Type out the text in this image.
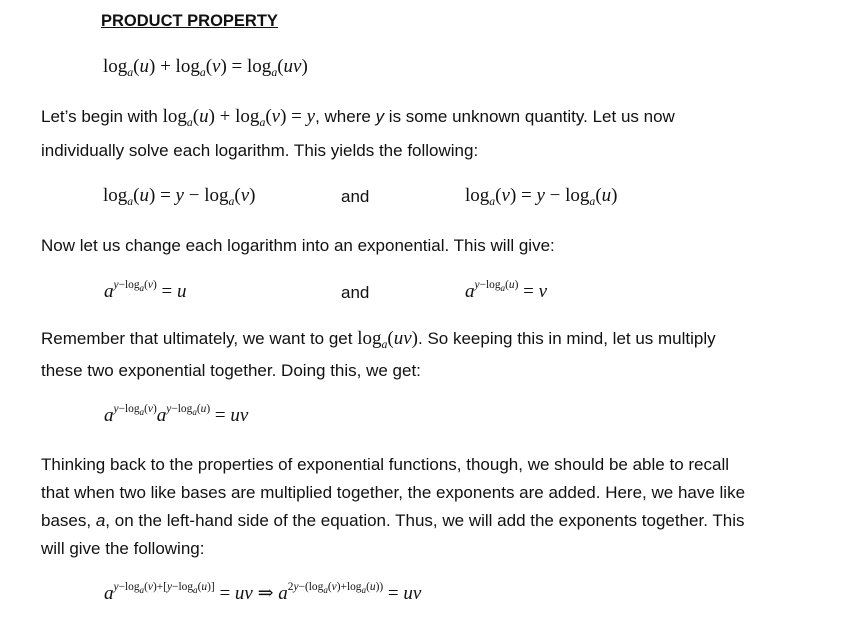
PRODUCT PROPERTY
$\log_a(u) + \log_a(v) = \log_a(uv)$
Let’s begin with $\log_a(u) + \log_a(v) = y$, where y is some unknown quantity. Let us now
individually solve each logarithm. This yields the following:
$\log_a(u) = y - \log_a(v)$	and	$\log_a(v) = y - \log_a(u)$
Now let us change each logarithm into an exponential. This will give:
$a^{y-log_a(v)} = u$	and	$a^{y-log_a(u)} = v$
Remember that ultimately, we want to get $\log_a(uv)$. So keeping this in mind, let us multiply
these two exponential together. Doing this, we get:
$a^{y-log_a(v)}a^{y-log_a(u)}$ = uv
Thinking back to the properties of exponential functions, though, we should be able to recall
that when two like bases are multiplied together, the exponents are added. Here, we have like
bases, a, on the left-hand side of the equation. Thus, we will add the exponents together. This
will give the following:
$a^{y-log_a(v)+[y-log_a(u)]}$ = uv ⇒ $a^{2y-(log_a(v)+log_a(u))}$ = uv
